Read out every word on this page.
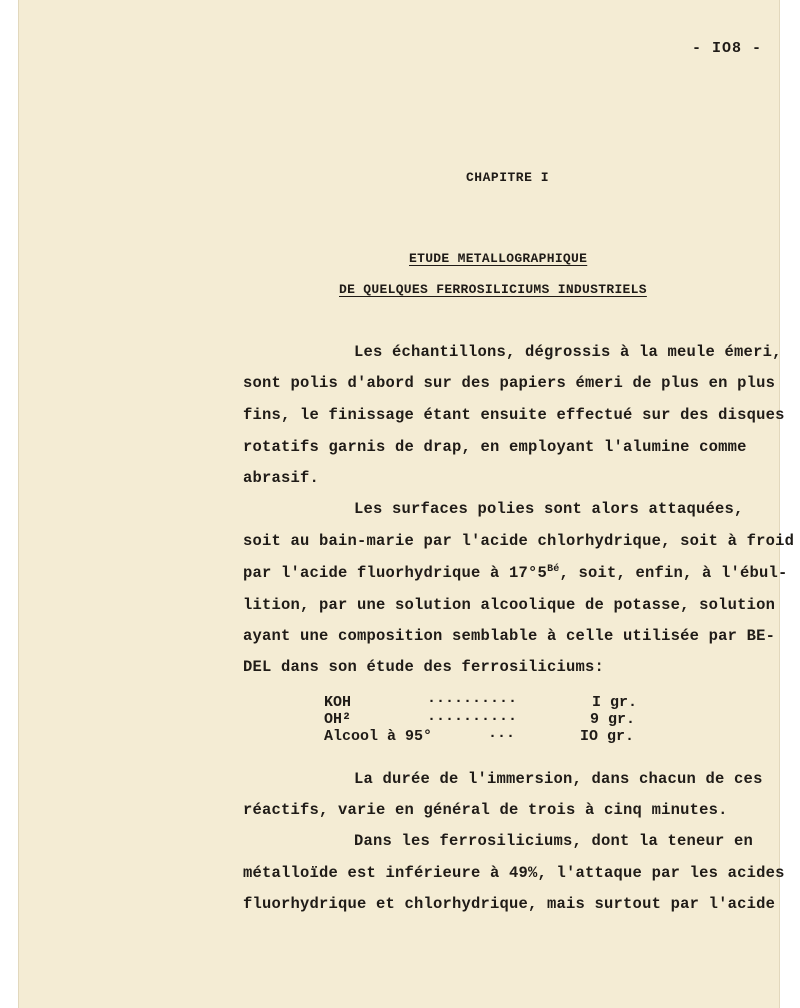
- IO8 -
CHAPITRE I
ETUDE METALLOGRAPHIQUE
DE QUELQUES FERROSILICIUMS INDUSTRIELS
Les échantillons, dégrossis à la meule émeri,
sont polis d'abord sur des papiers émeri de plus en plus
fins, le finissage étant ensuite effectué sur des disques
rotatifs garnis de drap, en employant l'alumine comme
abrasif.
Les surfaces polies sont alors attaquées,
soit au bain-marie par l'acide chlorhydrique, soit à froid
par l'acide fluorhydrique à $17^\circ 5^{Bé}$, soit, enfin, à l'ébul-
lition, par une solution alcoolique de potasse, solution
ayant une composition semblable à celle utilisée par BE-
DEL dans son étude des ferrosiliciums:
KOH	..........	I gr.
OH²	..........	9 gr.
Alcool à 95°	...	IO gr.
La durée de l'immersion, dans chacun de ces
réactifs, varie en général de trois à cinq minutes.
Dans les ferrosiliciums, dont la teneur en
métalloïde est inférieure à 49%, l'attaque par les acides
fluorhydrique et chlorhydrique, mais surtout par l'acide
